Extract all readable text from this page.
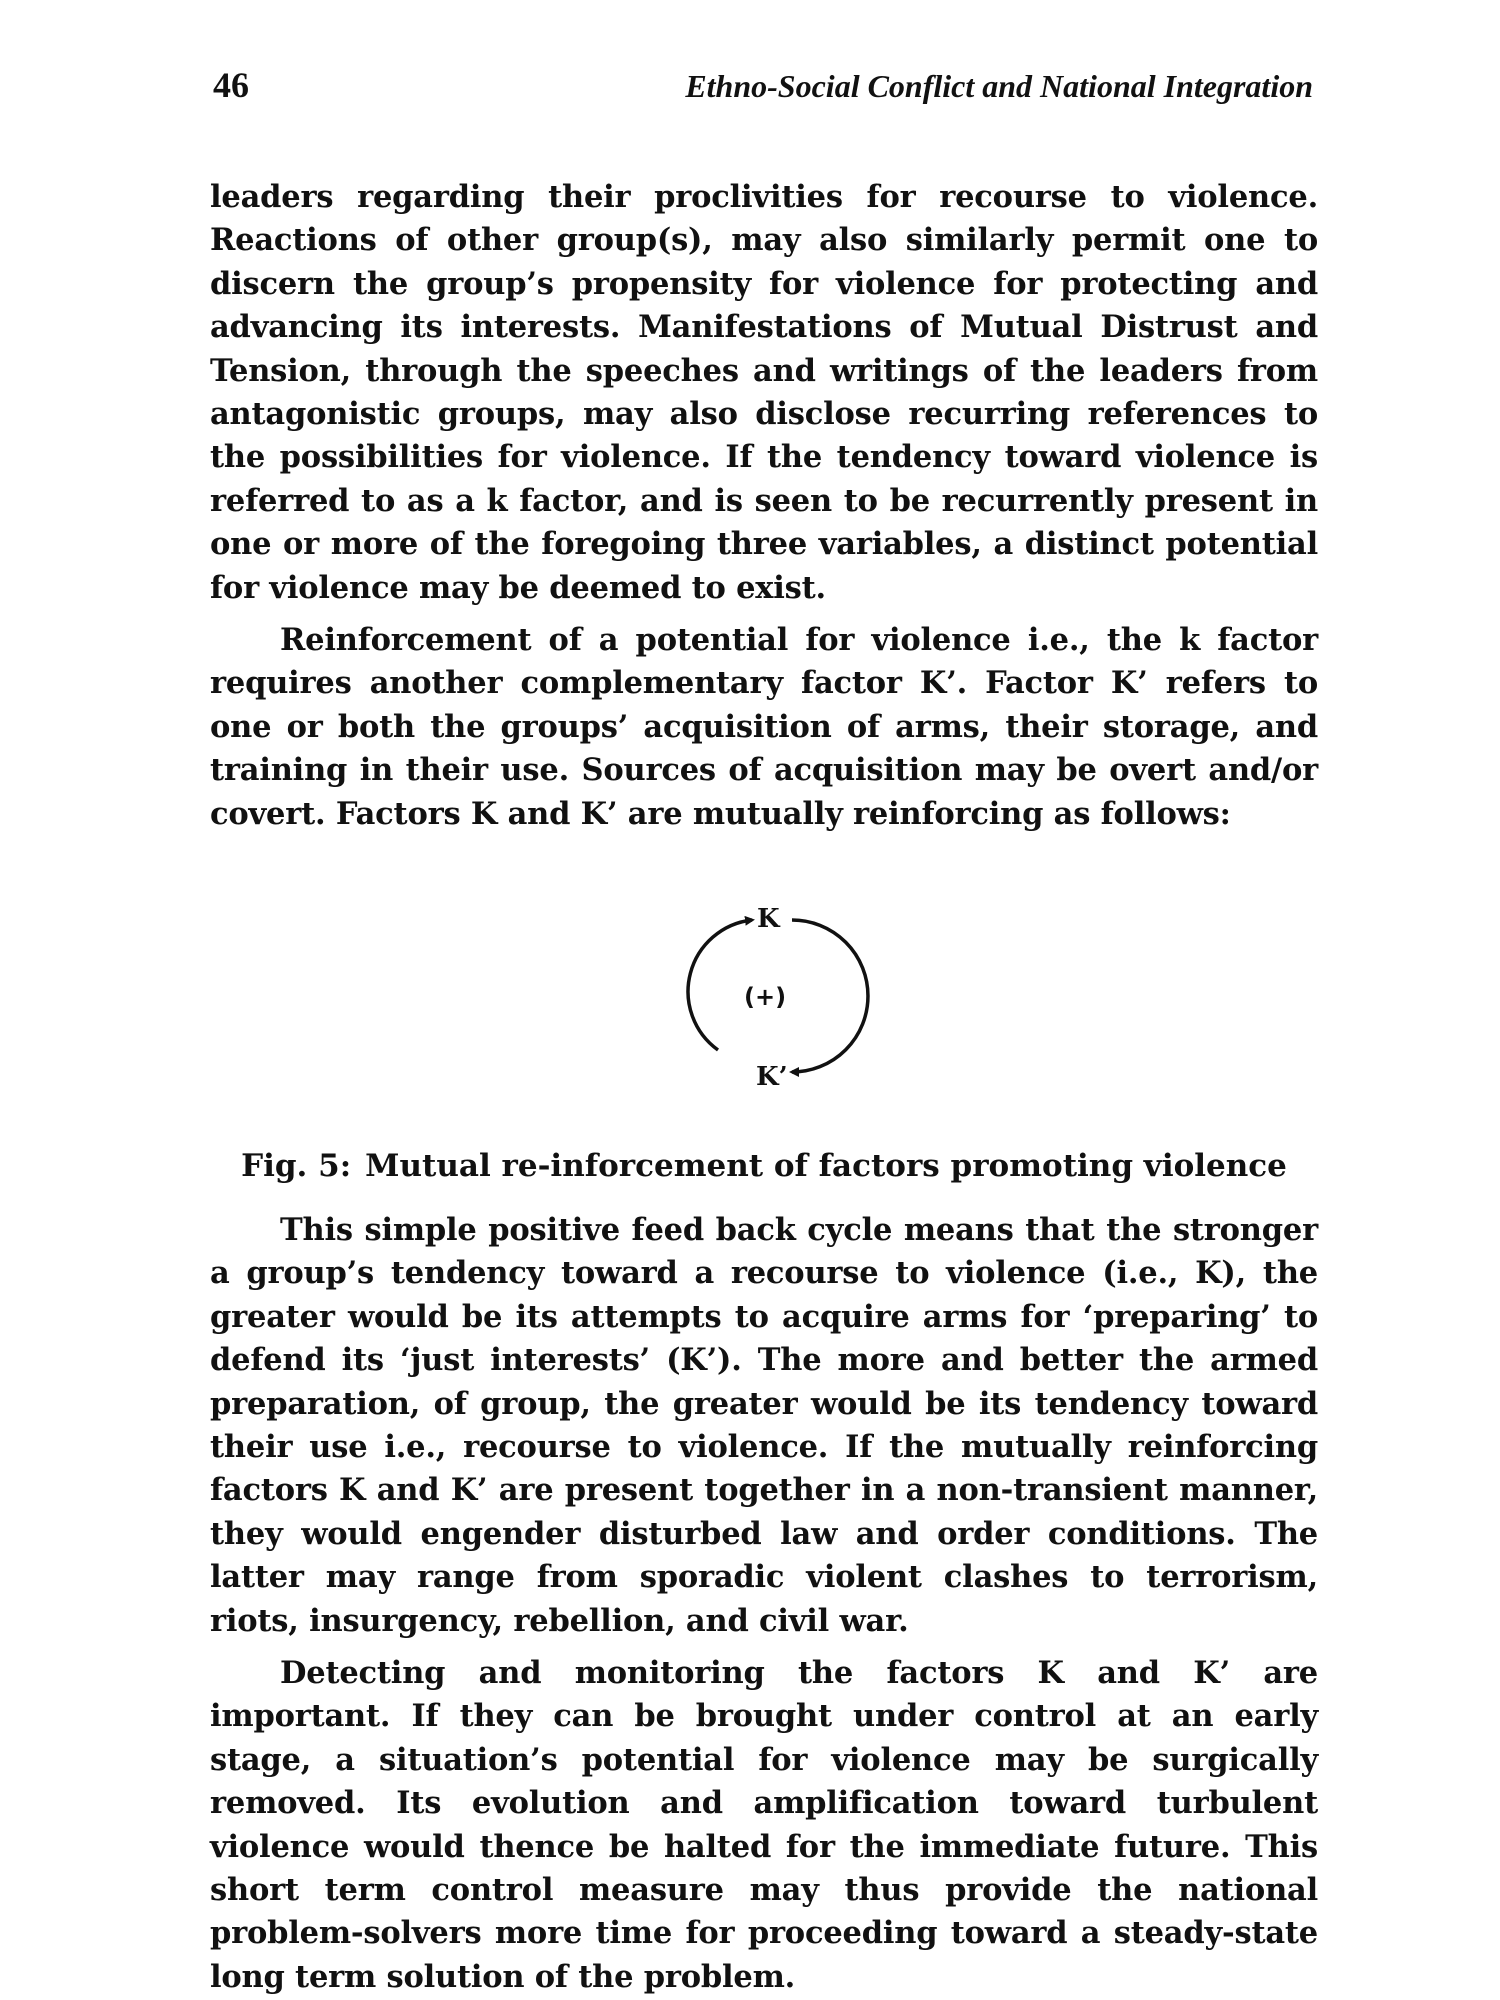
46	Ethno-Social Conflict and National Integration

leaders regarding their proclivities for recourse to violence. Reactions of other group(s), may also similarly permit one to discern the group’s propensity for violence for protecting and advancing its interests. Manifestations of Mutual Distrust and Tension, through the speeches and writings of the leaders from antagonistic groups, may also disclose recurring references to the possibilities for violence. If the tendency toward violence is referred to as a k factor, and is seen to be recurrently present in one or more of the foregoing three variables, a distinct potential for violence may be deemed to exist.

Reinforcement of a potential for violence i.e., the k factor requires another complementary factor K’. Factor K’ refers to one or both the groups’ acquisition of arms, their storage, and training in their use. Sources of acquisition may be overt and/or covert. Factors K and K’ are mutually reinforcing as follows:

K
(+)
K’

Fig. 5: Mutual re-inforcement of factors promoting violence

This simple positive feed back cycle means that the stronger a group’s tendency toward a recourse to violence (i.e., K), the greater would be its attempts to acquire arms for ‘preparing’ to defend its ‘just interests’ (K’). The more and better the armed preparation, of group, the greater would be its tendency toward their use i.e., recourse to violence. If the mutually reinforcing factors K and K’ are present together in a non-transient manner, they would engender disturbed law and order conditions. The latter may range from sporadic violent clashes to terrorism, riots, insurgency, rebellion, and civil war.

Detecting and monitoring the factors K and K’ are important. If they can be brought under control at an early stage, a situation’s potential for violence may be surgically removed. Its evolution and amplification toward turbulent violence would thence be halted for the immediate future. This short term control measure may thus provide the national problem-solvers more time for proceeding toward a steady-state long term solution of the problem.
